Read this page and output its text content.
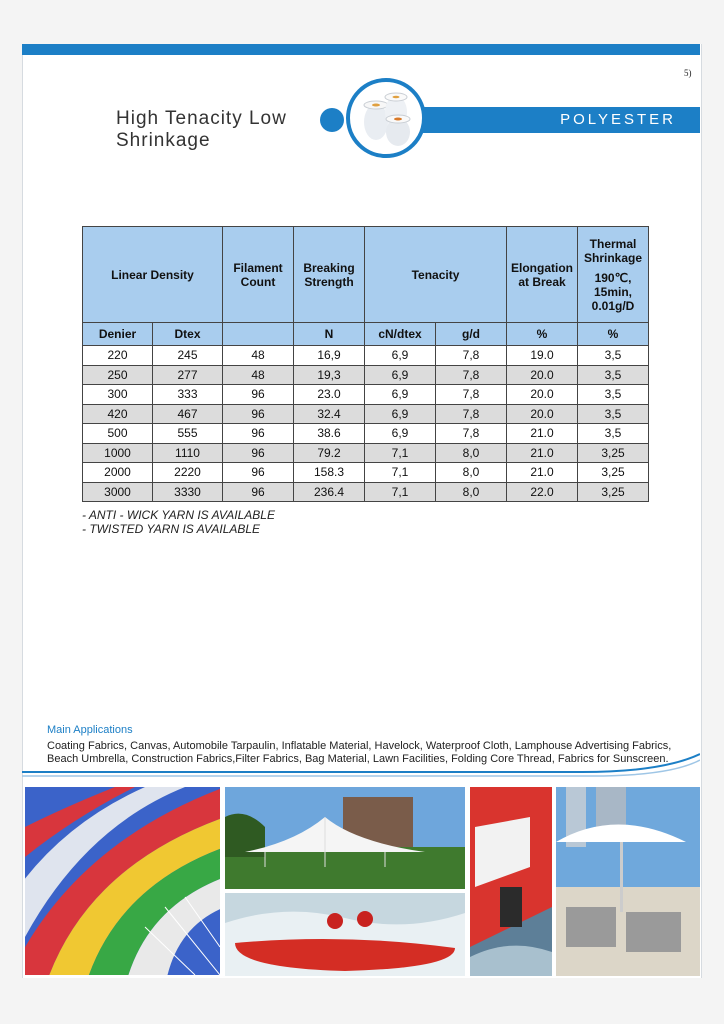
5)
High Tenacity Low Shrinkage
POLYESTER
Linear Density		Filament Count	Breaking Strength	Tenacity		Elongation at Break	Thermal Shrinkage
190℃, 15min, 0.01g/D

Denier	Dtex		N	cN/dtex	g/d	%	%
220	245	48	16,9	6,9	7,8	19.0	3,5
250	277	48	19,3	6,9	7,8	20.0	3,5
300	333	96	23.0	6,9	7,8	20.0	3,5
420	467	96	32.4	6,9	7,8	20.0	3,5
500	555	96	38.6	6,9	7,8	21.0	3,5
1000	1110	96	79.2	7,1	8,0	21.0	3,25
2000	2220	96	158.3	7,1	8,0	21.0	3,25
3000	3330	96	236.4	7,1	8,0	22.0	3,25
- ANTI - WICK YARN IS AVAILABLE
- TWISTED YARN IS AVAILABLE
Main Applications
Coating Fabrics, Canvas, Automobile Tarpaulin, Inflatable Material, Havelock, Waterproof Cloth, Lamphouse Advertising Fabrics, Beach Umbrella, Construction Fabrics,Filter Fabrics, Bag Material, Lawn Facilities, Folding Core Thread, Fabrics for Sunscreen.
